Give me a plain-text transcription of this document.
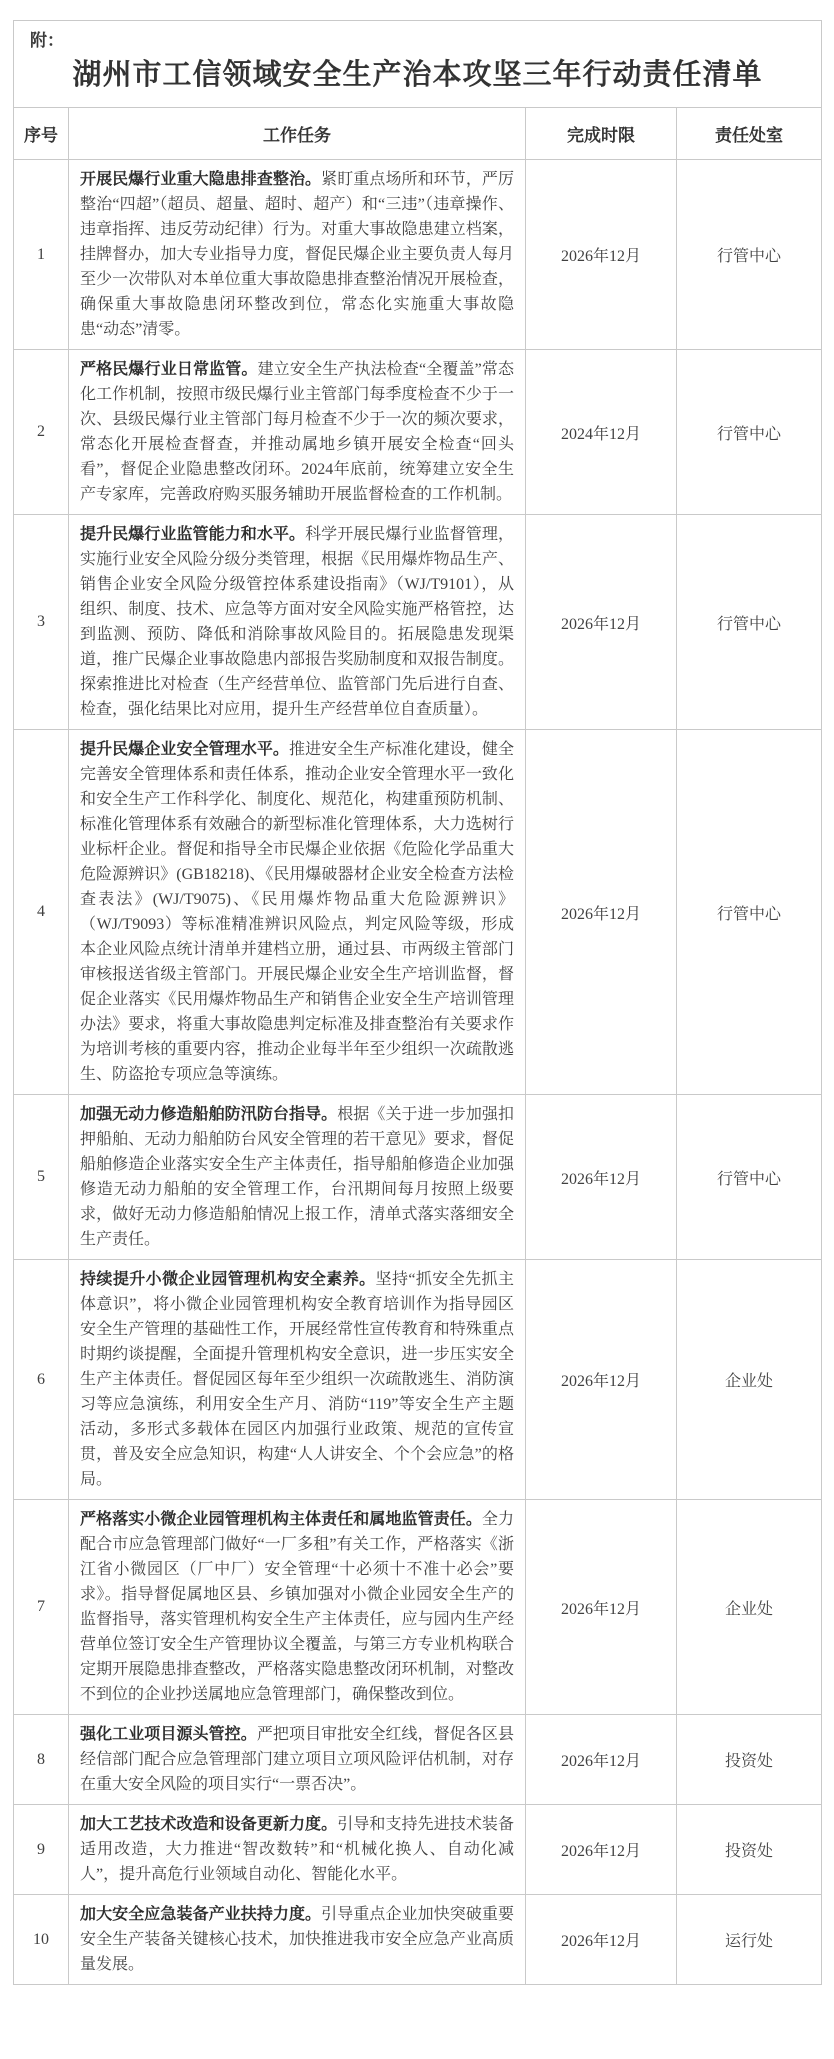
附：
湖州市工信领域安全生产治本攻坚三年行动责任清单			

序号	工作任务	完成时限	责任处室
1	开展民爆行业重大隐患排查整治。紧盯重点场所和环节，严厉整治“四超”（超员、超量、超时、超产）和“三违”（违章操作、违章指挥、违反劳动纪律）行为。对重大事故隐患建立档案，挂牌督办，加大专业指导力度，督促民爆企业主要负责人每月至少一次带队对本单位重大事故隐患排查整治情况开展检查，确保重大事故隐患闭环整改到位，常态化实施重大事故隐患“动态”清零。	2026年12月	行管中心
2	严格民爆行业日常监管。建立安全生产执法检查“全覆盖”常态化工作机制，按照市级民爆行业主管部门每季度检查不少于一次、县级民爆行业主管部门每月检查不少于一次的频次要求，常态化开展检查督查，并推动属地乡镇开展安全检查“回头看”，督促企业隐患整改闭环。2024年底前，统筹建立安全生产专家库，完善政府购买服务辅助开展监督检查的工作机制。	2024年12月	行管中心
3	提升民爆行业监管能力和水平。科学开展民爆行业监督管理，实施行业安全风险分级分类管理，根据《民用爆炸物品生产、销售企业安全风险分级管控体系建设指南》（WJ/T9101），从组织、制度、技术、应急等方面对安全风险实施严格管控，达到监测、预防、降低和消除事故风险目的。拓展隐患发现渠道，推广民爆企业事故隐患内部报告奖励制度和双报告制度。探索推进比对检查（生产经营单位、监管部门先后进行自查、检查，强化结果比对应用，提升生产经营单位自查质量）。	2026年12月	行管中心
4	提升民爆企业安全管理水平。推进安全生产标准化建设，健全完善安全管理体系和责任体系，推动企业安全管理水平一致化和安全生产工作科学化、制度化、规范化，构建重预防机制、标准化管理体系有效融合的新型标准化管理体系，大力选树行业标杆企业。督促和指导全市民爆企业依据《危险化学品重大危险源辨识》(GB18218)、《民用爆破器材企业安全检查方法检查表法》(WJ/T9075)、《民用爆炸物品重大危险源辨识》（WJ/T9093）等标准精准辨识风险点，判定风险等级，形成本企业风险点统计清单并建档立册，通过县、市两级主管部门审核报送省级主管部门。开展民爆企业安全生产培训监督，督促企业落实《民用爆炸物品生产和销售企业安全生产培训管理办法》要求，将重大事故隐患判定标准及排查整治有关要求作为培训考核的重要内容，推动企业每半年至少组织一次疏散逃生、防盗抢专项应急等演练。	2026年12月	行管中心
5	加强无动力修造船舶防汛防台指导。根据《关于进一步加强扣押船舶、无动力船舶防台风安全管理的若干意见》要求，督促船舶修造企业落实安全生产主体责任，指导船舶修造企业加强修造无动力船舶的安全管理工作，台汛期间每月按照上级要求，做好无动力修造船舶情况上报工作，清单式落实落细安全生产责任。	2026年12月	行管中心
6	持续提升小微企业园管理机构安全素养。坚持“抓安全先抓主体意识”，将小微企业园管理机构安全教育培训作为指导园区安全生产管理的基础性工作，开展经常性宣传教育和特殊重点时期约谈提醒，全面提升管理机构安全意识，进一步压实安全生产主体责任。督促园区每年至少组织一次疏散逃生、消防演习等应急演练，利用安全生产月、消防“119”等安全生产主题活动，多形式多载体在园区内加强行业政策、规范的宣传宣贯，普及安全应急知识，构建“人人讲安全、个个会应急”的格局。	2026年12月	企业处
7	严格落实小微企业园管理机构主体责任和属地监管责任。全力配合市应急管理部门做好“一厂多租”有关工作，严格落实《浙江省小微园区（厂中厂）安全管理“十必须十不准十必会”要求》。指导督促属地区县、乡镇加强对小微企业园安全生产的监督指导，落实管理机构安全生产主体责任，应与园内生产经营单位签订安全生产管理协议全覆盖，与第三方专业机构联合定期开展隐患排查整改，严格落实隐患整改闭环机制，对整改不到位的企业抄送属地应急管理部门，确保整改到位。	2026年12月	企业处
8	强化工业项目源头管控。严把项目审批安全红线，督促各区县经信部门配合应急管理部门建立项目立项风险评估机制，对存在重大安全风险的项目实行“一票否决”。	2026年12月	投资处
9	加大工艺技术改造和设备更新力度。引导和支持先进技术装备适用改造，大力推进“智改数转”和“机械化换人、自动化减人”，提升高危行业领域自动化、智能化水平。	2026年12月	投资处
10	加大安全应急装备产业扶持力度。引导重点企业加快突破重要安全生产装备关键核心技术，加快推进我市安全应急产业高质量发展。	2026年12月	运行处
